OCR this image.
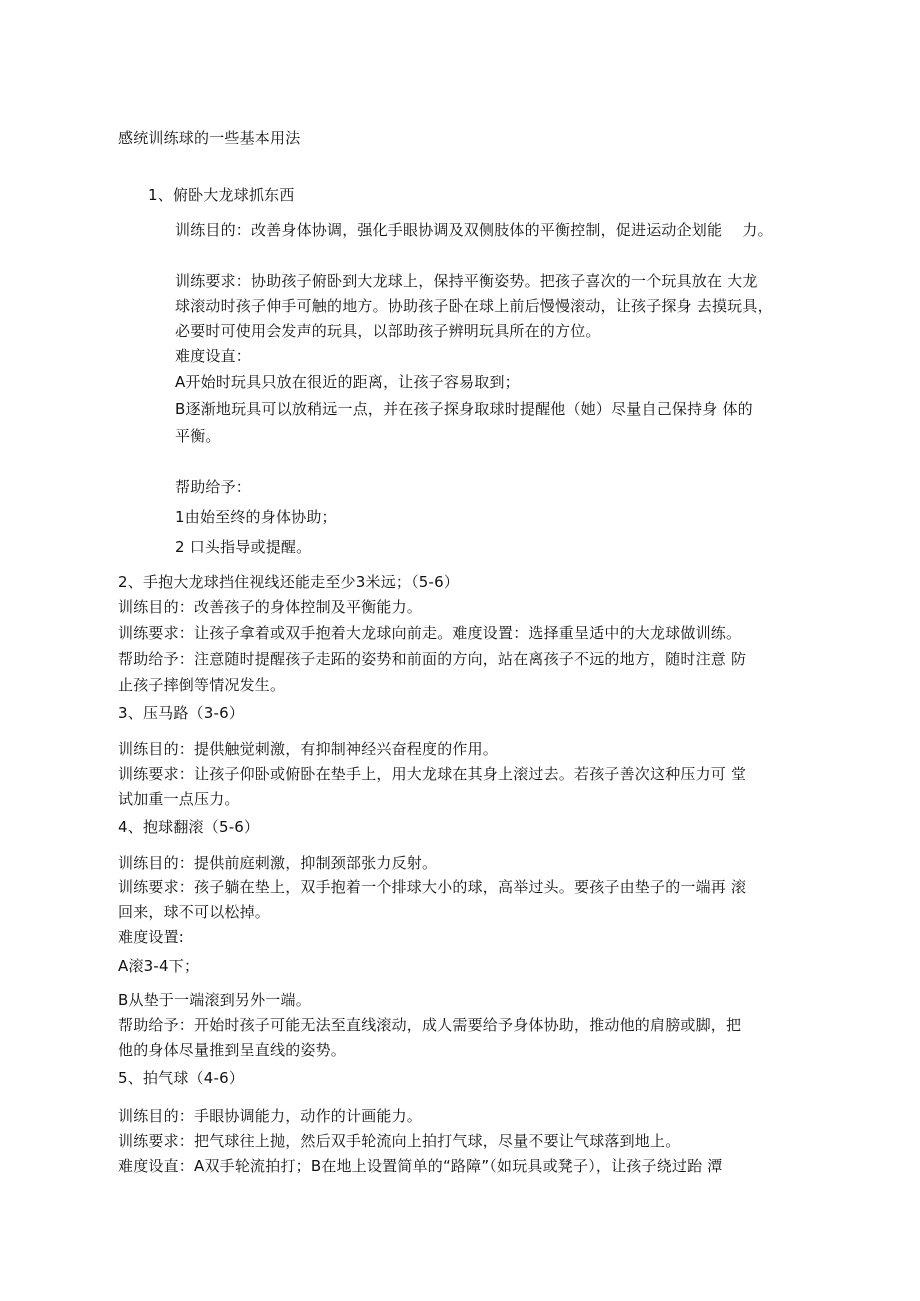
感统训练球的一些基本用法
1、俯卧大龙球抓东西
训练目的：改善身体协调，强化手眼协调及双侧肢体的平衡控制，促进运动企划能　 力。
训练要求：协助孩子俯卧到大龙球上，保持平衡姿势。把孩子喜次的一个玩具放在 大龙
球滚动时孩子伸手可触的地方。协助孩子卧在球上前后慢慢滚动，让孩子探身 去摸玩具，
必要时可使用会发声的玩具，以部助孩子辨明玩具所在的方位。
难度设直：
A开始时玩具只放在很近的距离，让孩子容易取到；
B逐渐地玩具可以放稍远一点，并在孩子探身取球时提醒他（她）尽量自己保持身 体的
平衡。
帮助给予：
1由始至终的身体协助；
2 口头指导或提醒。
2、手抱大龙球挡住视线还能走至少3米远；（5-6）
训练目的：改善孩子的身体控制及平衡能力。
训练要求：让孩子拿着或双手抱着大龙球向前走。难度设置：选择重呈适中的大龙球做训练。
帮助给予：注意随时提醒孩子走跖的姿势和前面的方向，站在离孩子不远的地方，随时注意 防
止孩子摔倒等情况发生。
3、压马路（3-6）
训练目的：提供触觉刺激，有抑制神经兴奋程度的作用。
训练要求：让孩子仰卧或俯卧在垫手上，用大龙球在其身上滚过去。若孩子善次这种压力可 堂
试加重一点压力。
4、抱球翻滚（5-6）
训练目的：提供前庭刺激，抑制颈部张力反射。
训练要求：孩子躺在垫上，双手抱着一个排球大小的球，高举过头。要孩子由垫子的一端再 滚
回来，球不可以松掉。
难度设置:
A滚3-4下；
B从垫于一端滚到另外一端。
帮助给予：开始时孩子可能无法至直线滚动，成人需要给予身体协助，推动他的肩膀或脚，把
他的身体尽量推到呈直线的姿势。
5、拍气球（4-6）
训练目的：手眼协调能力，动作的计画能力。
训练要求：把气球往上抛，然后双手轮流向上拍打气球，尽量不要让气球落到地上。
难度设直：A双手轮流拍打；B在地上设置简单的“路障”（如玩具或凳子），让孩子绕过跆 潭
